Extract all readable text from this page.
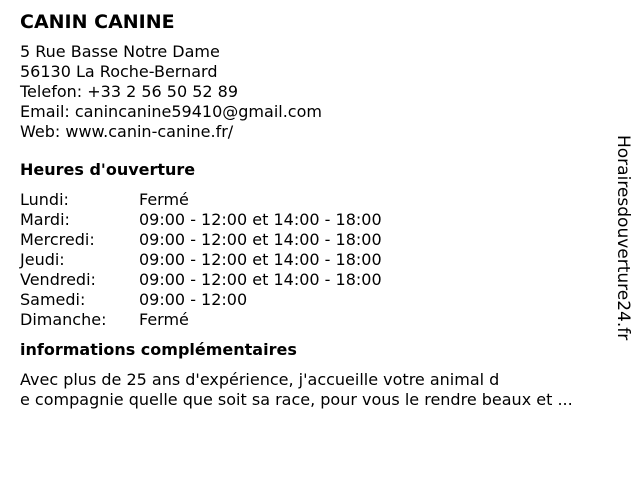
CANIN CANINE
5 Rue Basse Notre Dame
56130 La Roche-Bernard
Telefon: +33 2 56 50 52 89
Email: canincanine59410@gmail.com
Web: www.canin-canine.fr/
Heures d'ouverture
Lundi:	Fermé
Mardi:	09:00 - 12:00 et 14:00 - 18:00
Mercredi:	09:00 - 12:00 et 14:00 - 18:00
Jeudi:	09:00 - 12:00 et 14:00 - 18:00
Vendredi:	09:00 - 12:00 et 14:00 - 18:00
Samedi:	09:00 - 12:00
Dimanche:	Fermé
informations complémentaires
Avec plus de 25 ans d'expérience, j'accueille votre animal d
e compagnie quelle que soit sa race, pour vous le rendre beaux et ...
Horairesdouverture24.fr
